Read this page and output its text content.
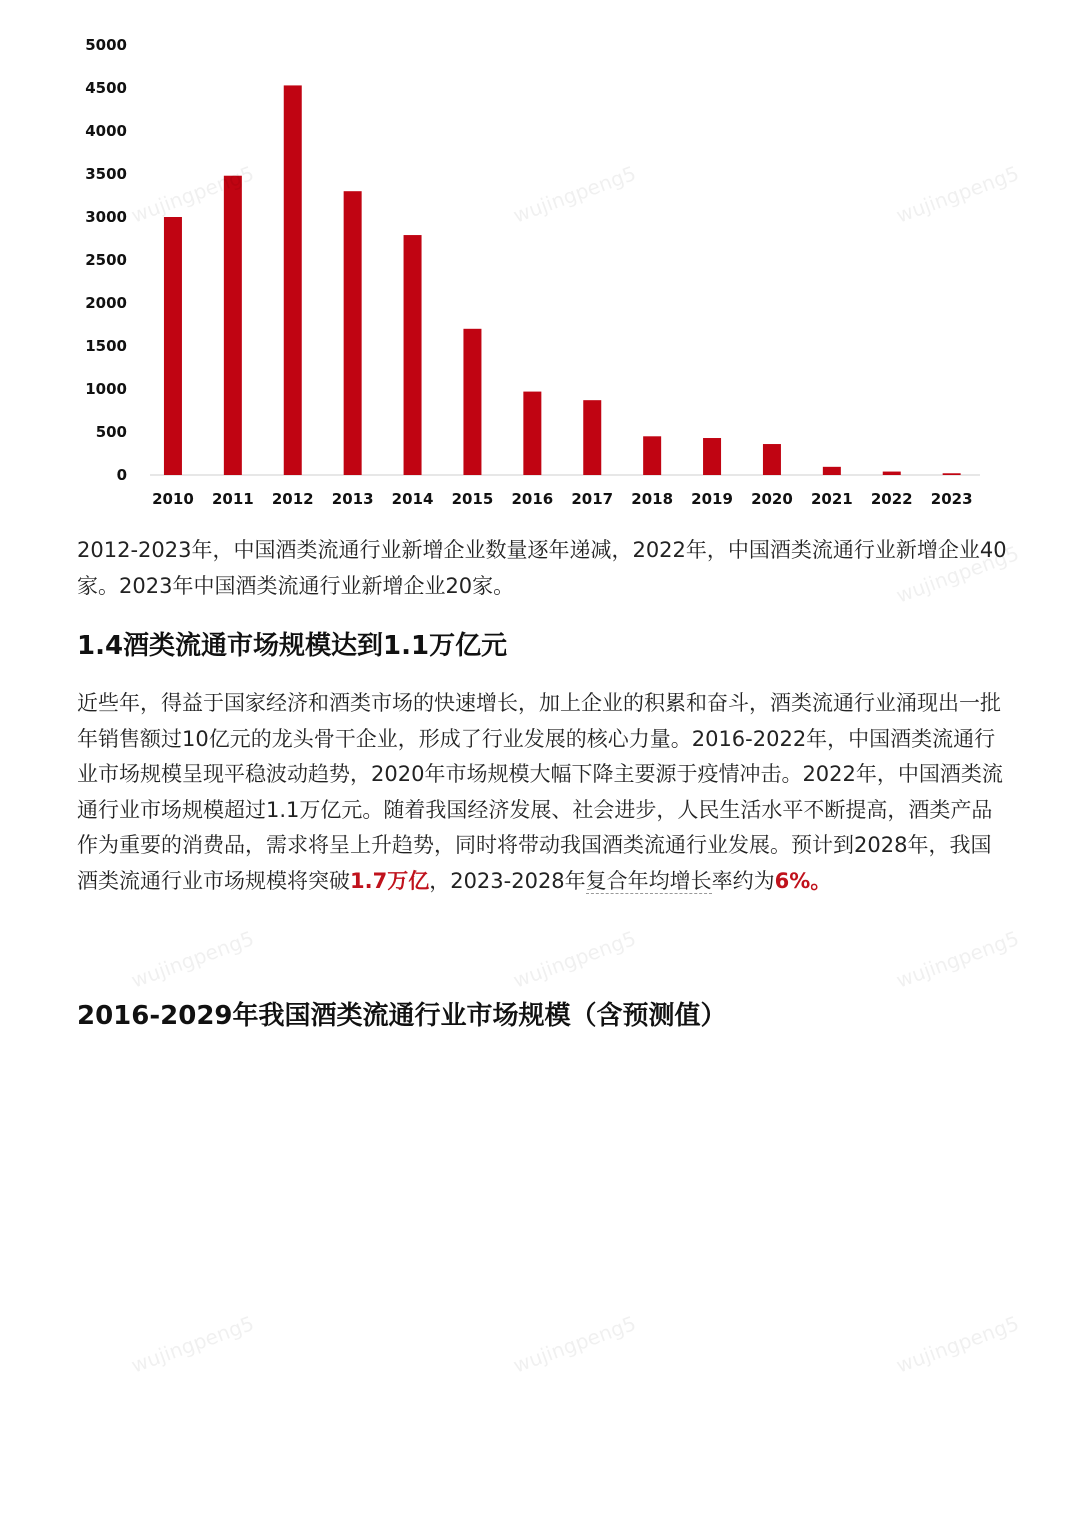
0
500
1000
1500
2000
2500
3000
3500
4000
4500
5000
2010 2011 2012 2013 2014 2015 2016 2017 2018 2019 2020 2021 2022 2023
wujingpeng5	wujingpeng5	wujingpeng5
wujingpeng5
wujingpeng5	wujingpeng5	wujingpeng5
wujingpeng5	wujingpeng5	wujingpeng5
2012-2023年，中国酒类流通行业新增企业数量逐年递减，2022年，中国酒类流通行业新增企业40家。2023年中国酒类流通行业新增企业20家。
1.4酒类流通市场规模达到1.1万亿元
近些年，得益于国家经济和酒类市场的快速增长，加上企业的积累和奋斗，酒类流通行业涌现出一批年销售额过10亿元的龙头骨干企业，形成了行业发展的核心力量。2016-2022年，中国酒类流通行业市场规模呈现平稳波动趋势，2020年市场规模大幅下降主要源于疫情冲击。2022年，中国酒类流通行业市场规模超过1.1万亿元。随着我国经济发展、社会进步，人民生活水平不断提高，酒类产品作为重要的消费品，需求将呈上升趋势，同时将带动我国酒类流通行业发展。预计到2028年，我国酒类流通行业市场规模将突破1.7万亿，2023-2028年复合年均增长率约为6%。
2016-2029年我国酒类流通行业市场规模（含预测值）
